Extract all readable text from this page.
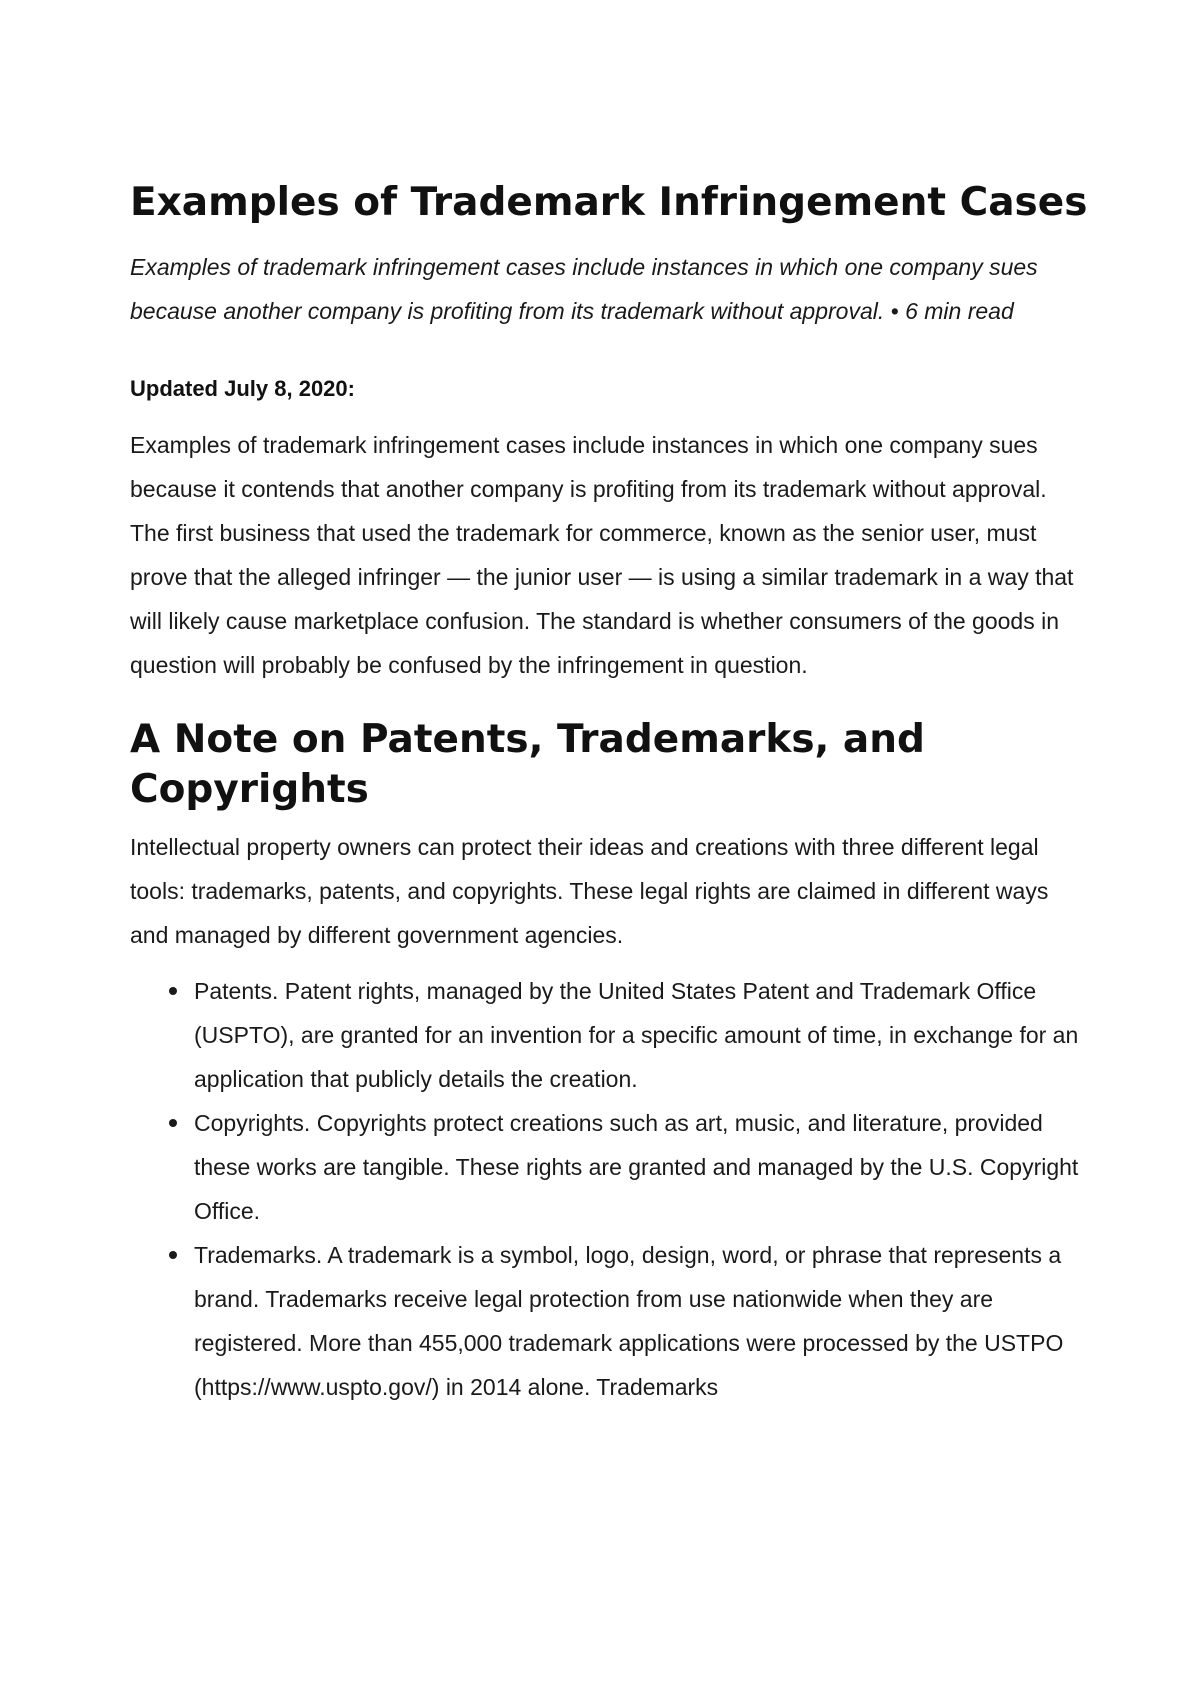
Examples of Trademark Infringement Cases

Examples of trademark infringement cases include instances in which one company sues because another company is profiting from its trademark without approval. • 6 min read

Updated July 8, 2020:

Examples of trademark infringement cases include instances in which one company sues because it contends that another company is profiting from its trademark without approval. The first business that used the trademark for commerce, known as the senior user, must prove that the alleged infringer — the junior user — is using a similar trademark in a way that will likely cause marketplace confusion. The standard is whether consumers of the goods in question will probably be confused by the infringement in question.

A Note on Patents, Trademarks, and Copyrights

Intellectual property owners can protect their ideas and creations with three different legal tools: trademarks, patents, and copyrights. These legal rights are claimed in different ways and managed by different government agencies.

Patents. Patent rights, managed by the United States Patent and Trademark Office (USPTO), are granted for an invention for a specific amount of time, in exchange for an application that publicly details the creation.
Copyrights. Copyrights protect creations such as art, music, and literature, provided these works are tangible. These rights are granted and managed by the U.S. Copyright Office.
Trademarks. A trademark is a symbol, logo, design, word, or phrase that represents a brand. Trademarks receive legal protection from use nationwide when they are registered. More than 455,000 trademark applications were processed by the USTPO (https://www.uspto.gov/) in 2014 alone. Trademarks
